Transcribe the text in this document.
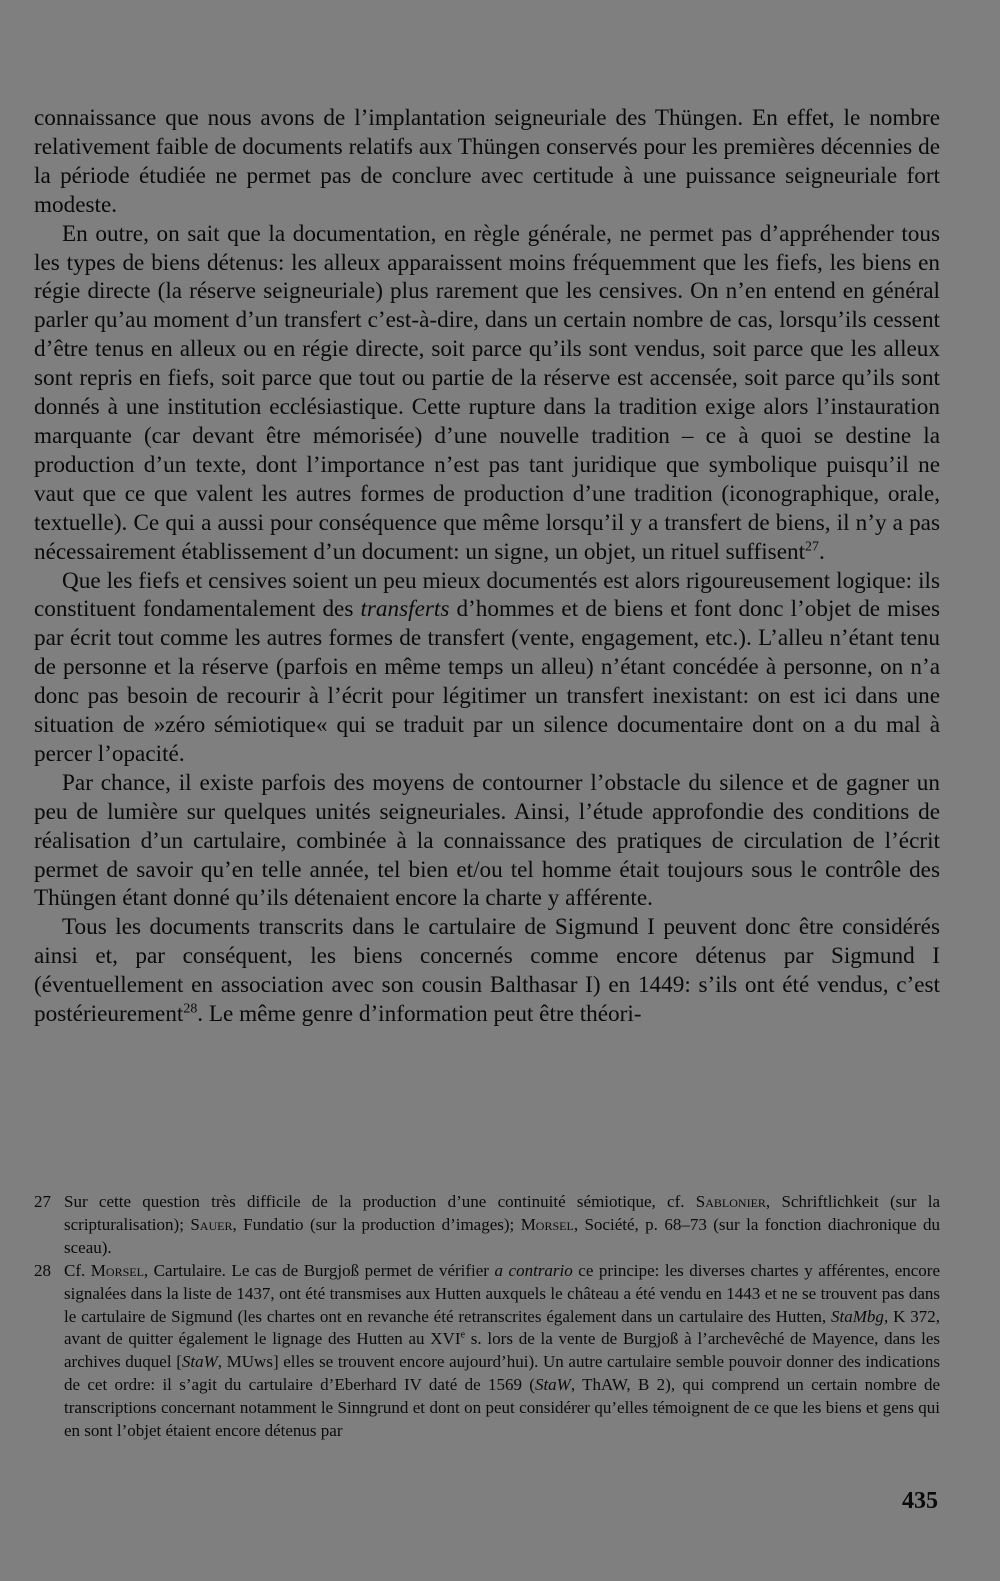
connaissance que nous avons de l’implantation seigneuriale des Thüngen. En effet, le nombre relativement faible de documents relatifs aux Thüngen conservés pour les premières décennies de la période étudiée ne permet pas de conclure avec certitude à une puissance seigneuriale fort modeste.

En outre, on sait que la documentation, en règle générale, ne permet pas d’appréhender tous les types de biens détenus: les alleux apparaissent moins fréquemment que les fiefs, les biens en régie directe (la réserve seigneuriale) plus rarement que les censives. On n’en entend en général parler qu’au moment d’un transfert c’est-à-dire, dans un certain nombre de cas, lorsqu’ils cessent d’être tenus en alleux ou en régie directe, soit parce qu’ils sont vendus, soit parce que les alleux sont repris en fiefs, soit parce que tout ou partie de la réserve est accensée, soit parce qu’ils sont donnés à une institution ecclésiastique. Cette rupture dans la tradition exige alors l’instauration marquante (car devant être mémorisée) d’une nouvelle tradition – ce à quoi se destine la production d’un texte, dont l’importance n’est pas tant juridique que symbolique puisqu’il ne vaut que ce que valent les autres formes de production d’une tradition (iconographique, orale, textuelle). Ce qui a aussi pour conséquence que même lorsqu’il y a transfert de biens, il n’y a pas nécessairement établissement d’un document: un signe, un objet, un rituel suffisent$^{27}$.

Que les fiefs et censives soient un peu mieux documentés est alors rigoureusement logique: ils constituent fondamentalement des transferts d’hommes et de biens et font donc l’objet de mises par écrit tout comme les autres formes de transfert (vente, engagement, etc.). L’alleu n’étant tenu de personne et la réserve (parfois en même temps un alleu) n’étant concédée à personne, on n’a donc pas besoin de recourir à l’écrit pour légitimer un transfert inexistant: on est ici dans une situation de »zéro sémiotique« qui se traduit par un silence documentaire dont on a du mal à percer l’opacité.

Par chance, il existe parfois des moyens de contourner l’obstacle du silence et de gagner un peu de lumière sur quelques unités seigneuriales. Ainsi, l’étude approfondie des conditions de réalisation d’un cartulaire, combinée à la connaissance des pratiques de circulation de l’écrit permet de savoir qu’en telle année, tel bien et/ou tel homme était toujours sous le contrôle des Thüngen étant donné qu’ils détenaient encore la charte y afférente.

Tous les documents transcrits dans le cartulaire de Sigmund I peuvent donc être considérés ainsi et, par conséquent, les biens concernés comme encore détenus par Sigmund I (éventuellement en association avec son cousin Balthasar I) en 1449: s’ils ont été vendus, c’est postérieurement$^{28}$. Le même genre d’information peut être théori-

27 Sur cette question très difficile de la production d’une continuité sémiotique, cf. Sablonier, Schriftlichkeit (sur la scripturalisation); Sauer, Fundatio (sur la production d’images); Morsel, Société, p. 68–73 (sur la fonction diachronique du sceau).
28 Cf. Morsel, Cartulaire. Le cas de Burgjoß permet de vérifier a contrario ce principe: les diverses chartes y afférentes, encore signalées dans la liste de 1437, ont été transmises aux Hutten auxquels le château a été vendu en 1443 et ne se trouvent pas dans le cartulaire de Sigmund (les chartes ont en revanche été retranscrites également dans un cartulaire des Hutten, StaMbg, K 372, avant de quitter également le lignage des Hutten au XVIe s. lors de la vente de Burgjoß à l’archevêché de Mayence, dans les archives duquel [StaW, MUws] elles se trouvent encore aujourd’hui). Un autre cartulaire semble pouvoir donner des indications de cet ordre: il s’agit du cartulaire d’Eberhard IV daté de 1569 (StaW, ThAW, B 2), qui comprend un certain nombre de transcriptions concernant notamment le Sinngrund et dont on peut considérer qu’elles témoignent de ce que les biens et gens qui en sont l’objet étaient encore détenus par
435
